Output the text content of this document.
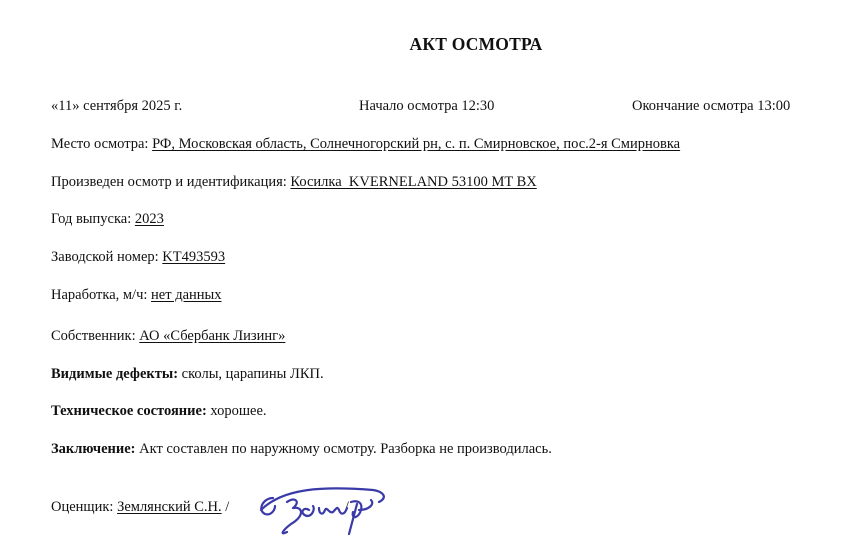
АКТ ОСМОТРА
«11» сентября 2025 г.	Начало осмотра 12:30	Окончание осмотра 13:00
Место осмотра: РФ, Московская область, Солнечногорский рн, с. п. Смирновское, пос.2-я Смирновка
Произведен осмотр и идентификация: Косилка  KVERNELAND 53100 MT BX
Год выпуска: 2023
Заводской номер: KT493593
Наработка, м/ч: нет данных
Собственник: АО «Сбербанк Лизинг»
Видимые дефекты: сколы, царапины ЛКП.
Техническое состояние: хорошее.
Заключение: Акт составлен по наружному осмотру. Разборка не производилась.
Оценщик: Землянский С.Н. /	/
